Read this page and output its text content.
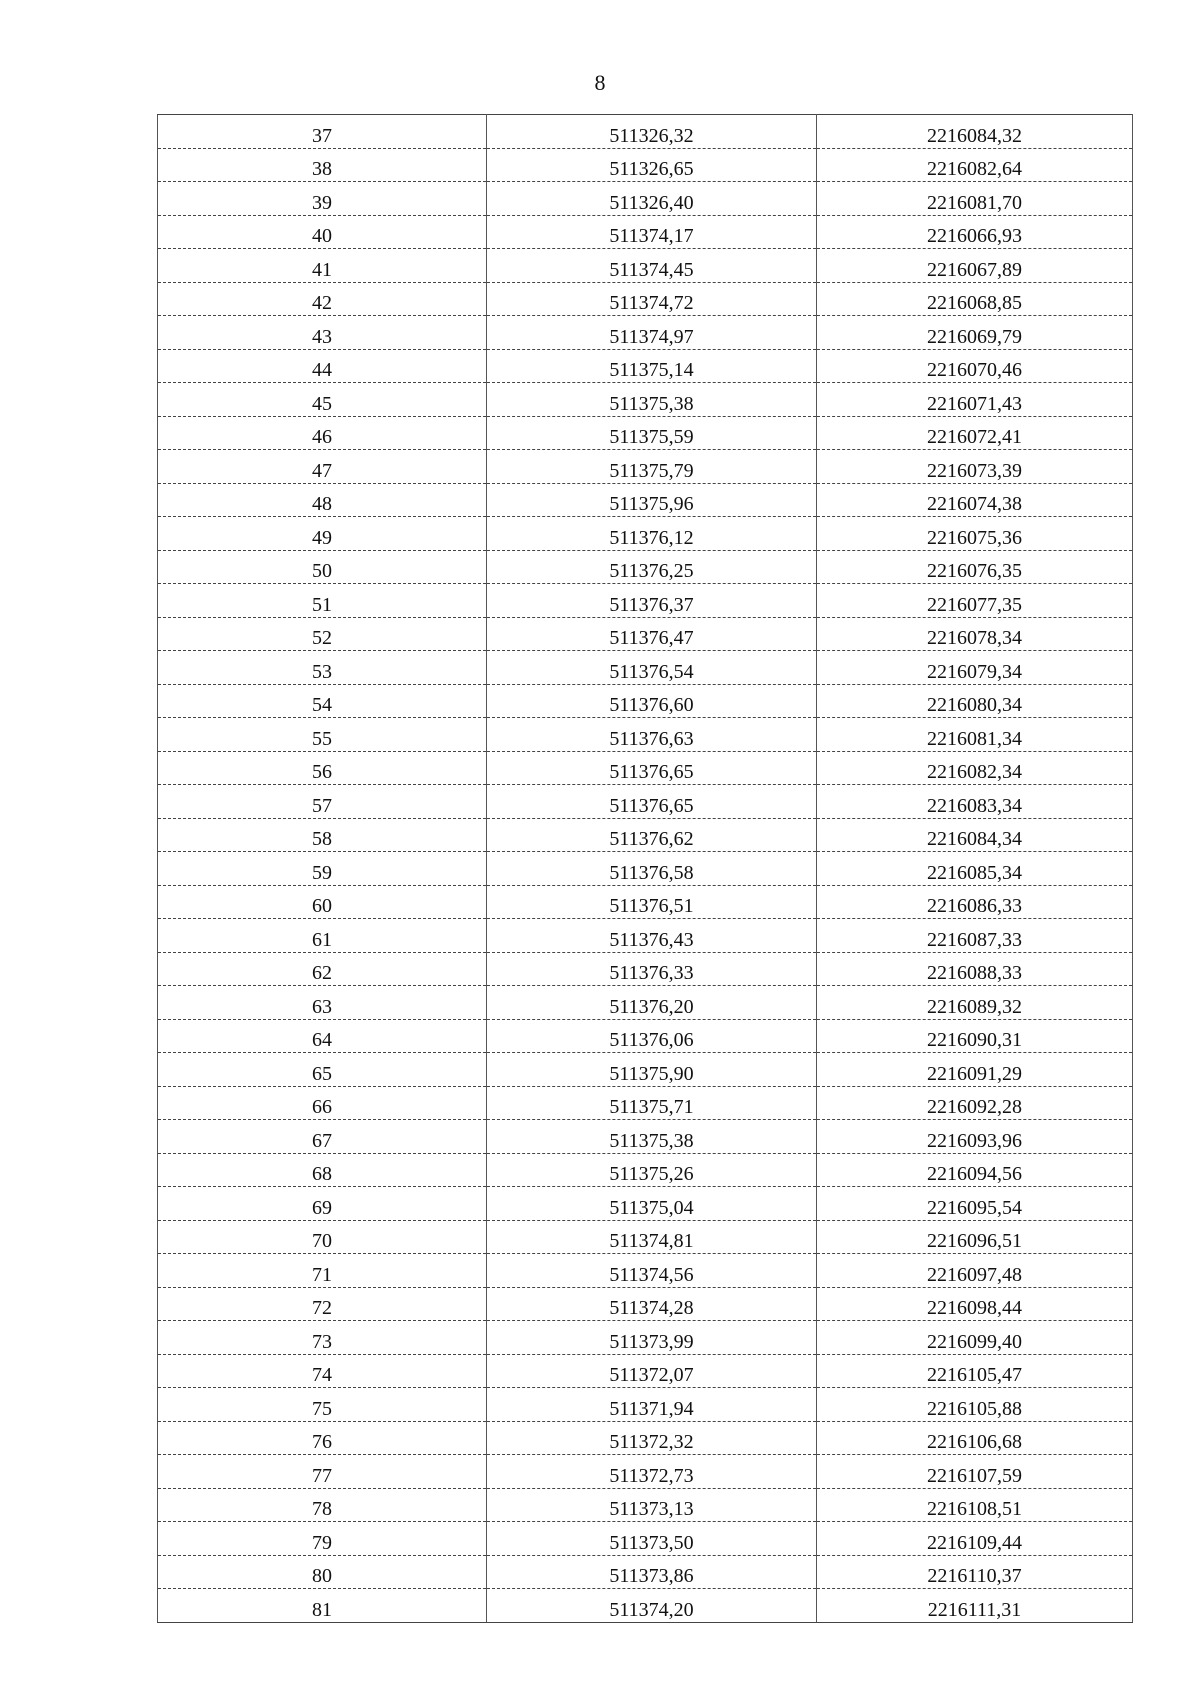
8
37	511326,32	2216084,32
38	511326,65	2216082,64
39	511326,40	2216081,70
40	511374,17	2216066,93
41	511374,45	2216067,89
42	511374,72	2216068,85
43	511374,97	2216069,79
44	511375,14	2216070,46
45	511375,38	2216071,43
46	511375,59	2216072,41
47	511375,79	2216073,39
48	511375,96	2216074,38
49	511376,12	2216075,36
50	511376,25	2216076,35
51	511376,37	2216077,35
52	511376,47	2216078,34
53	511376,54	2216079,34
54	511376,60	2216080,34
55	511376,63	2216081,34
56	511376,65	2216082,34
57	511376,65	2216083,34
58	511376,62	2216084,34
59	511376,58	2216085,34
60	511376,51	2216086,33
61	511376,43	2216087,33
62	511376,33	2216088,33
63	511376,20	2216089,32
64	511376,06	2216090,31
65	511375,90	2216091,29
66	511375,71	2216092,28
67	511375,38	2216093,96
68	511375,26	2216094,56
69	511375,04	2216095,54
70	511374,81	2216096,51
71	511374,56	2216097,48
72	511374,28	2216098,44
73	511373,99	2216099,40
74	511372,07	2216105,47
75	511371,94	2216105,88
76	511372,32	2216106,68
77	511372,73	2216107,59
78	511373,13	2216108,51
79	511373,50	2216109,44
80	511373,86	2216110,37
81	511374,20	2216111,31
